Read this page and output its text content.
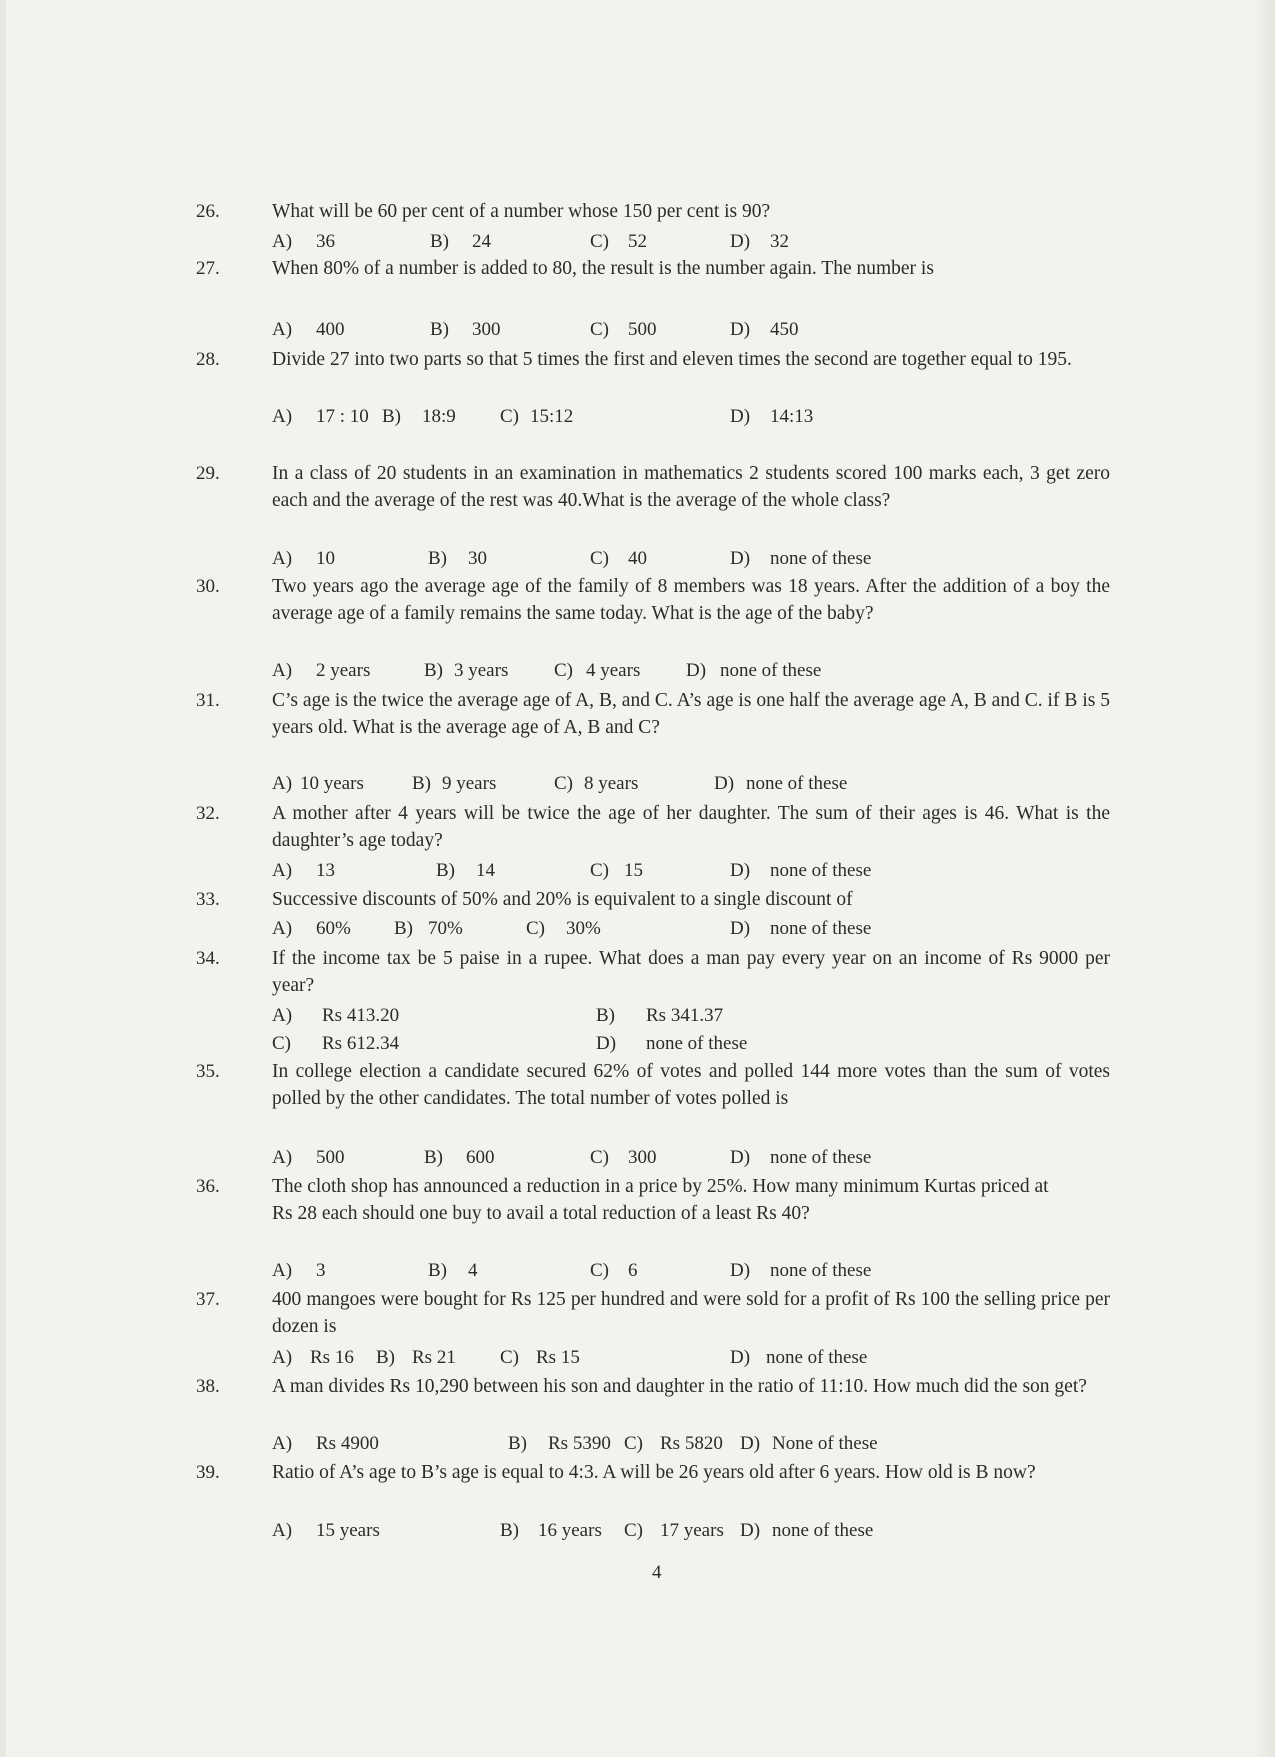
26.	What will be 60 per cent of a number whose 150 per cent is 90?
A) 36	B) 24	C) 52	D) 32
27.	When 80% of a number is added to 80, the result is the number again. The number is
A) 400	B) 300	C) 500	D) 450
28.	Divide 27 into two parts so that 5 times the first and eleven times the second are together equal to 195.
A) 17 : 10 B) 18:9 C) 15:12	D) 14:13
29.	In a class of 20 students in an examination in mathematics 2 students scored 100 marks each, 3 get zero each and the average of the rest was 40.What is the average of the whole class?
A) 10	B) 30	C) 40	D) none of these
30.	Two years ago the average age of the family of 8 members was 18 years. After the addition of a boy the average age of a family remains the same today. What is the age of the baby?
A) 2 years	B) 3 years C) 4 years D) none of these
31.	C’s age is the twice the average age of A, B, and C. A’s age is one half the average age A, B and C. if B is 5 years old. What is the average age of A, B and C?
A) 10 years	B) 9 years	C) 8 years	D) none of these
32.	A mother after 4 years will be twice the age of her daughter. The sum of their ages is 46. What is the daughter’s age today?
A) 13	B) 14	C) 15	D) none of these
33.	Successive discounts of 50% and 20% is equivalent to a single discount of
A) 60% B) 70%	C) 30%	D) none of these
34.	If the income tax be 5 paise in a rupee. What does a man pay every year on an income of Rs 9000 per year?
A) Rs 413.20	B) Rs 341.37
C) Rs 612.34	D) none of these
35.	In college election a candidate secured 62% of votes and polled 144 more votes than the sum of votes polled by the other candidates. The total number of votes polled is
A) 500	B) 600	C) 300	D) none of these
36.	The cloth shop has announced a reduction in a price by 25%. How many minimum Kurtas priced at Rs 28 each should one buy to avail a total reduction of a least Rs 40?
A) 3	B) 4	C) 6	D) none of these
37.	400 mangoes were bought for Rs 125 per hundred and were sold for a profit of Rs 100 the selling price per dozen is
A) Rs 16 B) Rs 21 C) Rs 15	D) none of these
38.	A man divides Rs 10,290 between his son and daughter in the ratio of 11:10. How much did the son get?
A) Rs 4900	B) Rs 5390 C) Rs 5820 D) None of these
39.	Ratio of A’s age to B’s age is equal to 4:3. A will be 26 years old after 6 years. How old is B now?
A) 15 years	B) 16 years C) 17 years D) none of these
4
